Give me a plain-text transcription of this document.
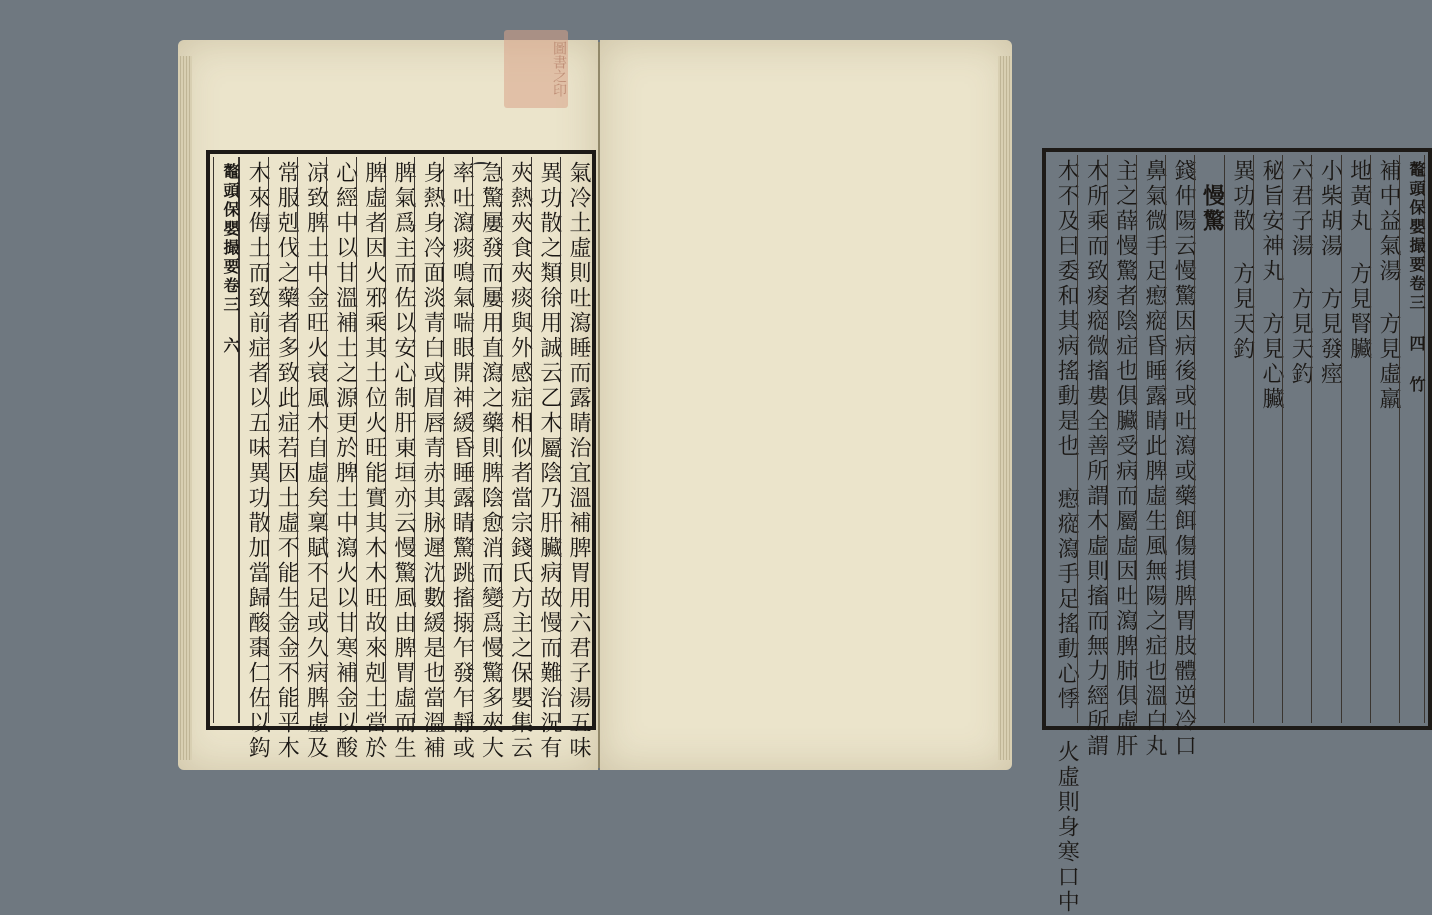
氣冷土虛則吐瀉睡而露睛治宜溫補脾胃用六君子湯五味
異功散之類徐用誠云乙木屬陰乃肝臟病故慢而難治況有
夾熱夾食夾痰與外感症相似者當宗錢氏方主之保嬰集云
急驚屢發而屢用直瀉之藥則脾陰愈消而變爲慢驚多夾大
率吐瀉痰鳴氣喘眼開神緩昏睡露睛驚跳搐搦乍發乍靜或
身熱身冷面淡青白或眉唇青赤其脉遲沈數緩是也當溫補
脾氣爲主而佐以安心制肝東垣亦云慢驚風由脾胃虛而生
脾虛者因火邪乘其土位火旺能實其木木旺故來剋土當於
心經中以甘溫補土之源更於脾土中瀉火以甘寒補金以酸
凉致脾土中金旺火衰風木自虛矣稟賦不足或久病脾虛及
常服剋伐之藥者多致此症若因土虛不能生金金不能平木
木來侮土而致前症者以五味異功散加當歸酸棗仁佐以鈎
鼇頭保嬰撮要卷三 六	鼇頭保嬰撮要卷三 四 竹
補中益氣湯 方見虛羸
地黃丸 方見腎臟
小柴胡湯 方見發痙
六君子湯 方見天釣
秘旨安神丸 方見心臟
異功散 方見天釣
　慢驚
錢仲陽云慢驚因病後或吐瀉或藥餌傷損脾胃肢體逆冷口
鼻氣微手足瘛瘲昏睡露睛此脾虛生風無陽之症也溫白丸
主之薛慢驚者陰症也俱臟受病而屬虛因吐瀉脾肺俱虛肝
木所乘而致痠瘲微搐婁全善所謂木虛則搐而無力經所謂
木不及曰委和其病搖動是也 瘛瘲瀉手足搖動心悸 火虛則身寒口中
圖書之印
